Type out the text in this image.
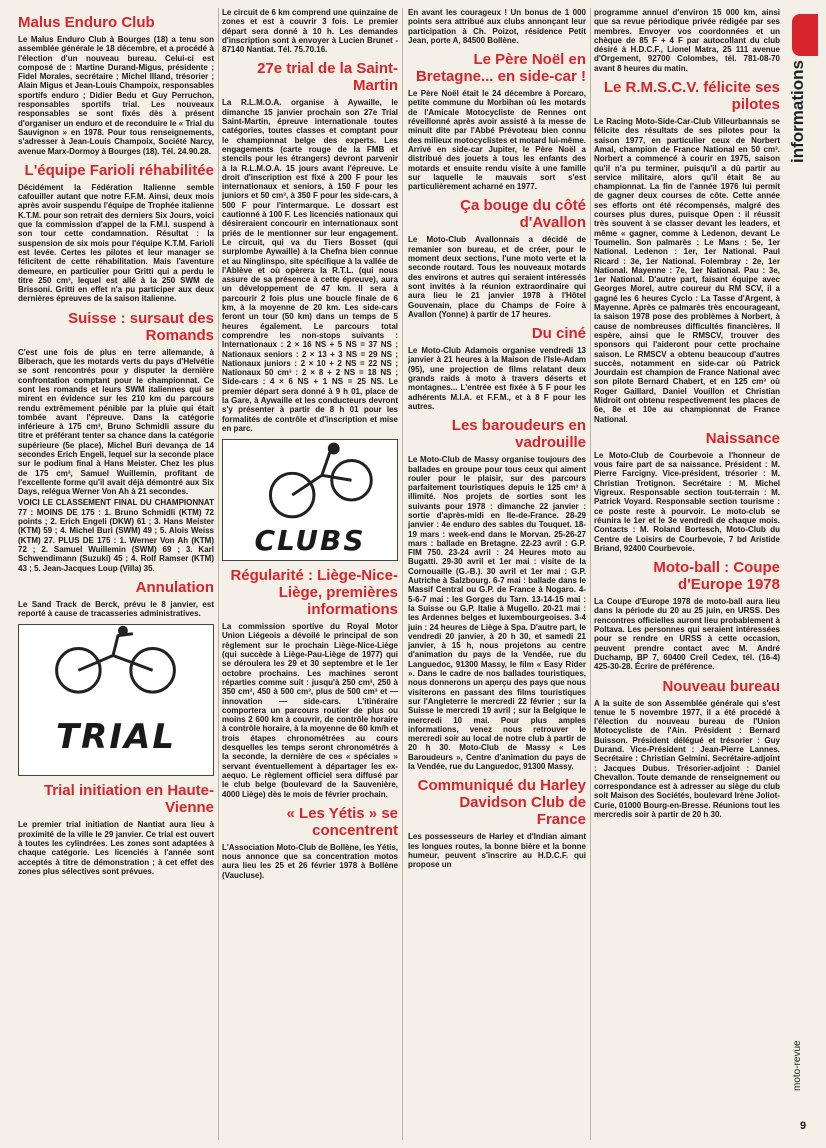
Malus Enduro Club

Le Malus Enduro Club à Bourges (18) a tenu son assemblée générale le 18 décembre, et a procédé à l'élection d'un nouveau bureau. Celui-ci est composé de : Martine Durand-Migus, présidente ; Fidel Morales, secrétaire ; Michel Illand, trésorier ; Alain Migus et Jean-Louis Champoix, responsables sportifs enduro ; Didier Bedu et Guy Perruchon, responsables sportifs trial. Les nouveaux responsables se sont fixés dès à présent d'organiser un enduro et de reconduire le « Trial du Sauvignon » en 1978. Pour tous renseignements, s'adresser à Jean-Louis Champoix, Société Narcy, avenue Marx-Dormoy à Bourges (18). Tél. 24.90.28.

L'équipe Farioli réhabilitée

Décidément la Fédération Italienne semble cafouiller autant que notre F.F.M. Ainsi, deux mois après avoir suspendu l'équipe de Trophée italienne K.T.M. pour son retrait des derniers Six Jours, voici que la commission d'appel de la F.M.I. suspend à son tour cette condamnation. Résultat : la suspension de six mois pour l'équipe K.T.M. Farioli est levée. Certes les pilotes et leur manager se félicitent de cette réhabilitation. Mais l'aventure demeure, en particulier pour Gritti qui a perdu le titre 250 cm³, lequel est allé à la 250 SWM de Brissoni. Gritti en effet n'a pu participer aux deux dernières épreuves de la saison italienne.

Suisse : sursaut des Romands

C'est une fois de plus en terre allemande, à Biberach, que les motards verts du pays d'Helvétie se sont rencontrés pour y disputer la dernière confrontation comptant pour le championnat. Ce sont les romands et leurs SWM italiennes qui se mirent en évidence sur les 210 km du parcours rendu extrêmement pénible par la pluie qui était tombée avant l'épreuve. Dans la catégorie inférieure à 175 cm³, Bruno Schmidli assure du titre et préférant tenter sa chance dans la catégorie supérieure (5e place), Michel Buri devança de 14 secondes Erich Engeli, lequel sur la seconde place sur le podium final à Hans Meister. Chez les plus de 175 cm³, Samuel Wuillemin, profitant de l'excellente forme qu'il avait déjà démontré aux Six Days, relégua Werner Von Ah à 21 secondes.

VOICI LE CLASSEMENT FINAL DU CHAMPIONNAT 77 : MOINS DE 175 : 1. Bruno Schmidli (KTM) 72 points ; 2. Erich Engeli (DKW) 61 ; 3. Hans Meister (KTM) 59 ; 4. Michel Buri (SWM) 49 ; 5. Alois Weiss (KTM) 27. PLUS DE 175 : 1. Werner Von Ah (KTM) 72 ; 2. Samuel Wuillemin (SWM) 69 ; 3. Karl Schwendimann (Suzuki) 45 ; 4. Rolf Ramser (KTM) 43 ; 5. Jean-Jacques Loup (Villa) 35.

Annulation

Le Sand Track de Berck, prévu le 8 janvier, est reporté à cause de tracasseries administratives.

TRIAL
Trial initiation en Haute-Vienne

Le premier trial initiation de Nantiat aura lieu à proximité de la ville le 29 janvier. Ce trial est ouvert à toutes les cylindrées. Les zones sont adaptées à chaque catégorie. Les licenciés à l'année sont acceptés à titre de démonstration ; à cet effet des zones plus sélectives sont prévues.

Le circuit de 6 km comprend une quinzaine de zones et est à couvrir 3 fois. Le premier départ sera donné à 10 h. Les demandes d'inscription sont à envoyer à Lucien Brunet - 87140 Nantiat. Tél. 75.70.16.

27e trial de la Saint-Martin

La R.L.M.O.A. organise à Aywaille, le dimanche 15 janvier prochain son 27e Trial Saint-Martin, épreuve internationale toutes catégories, toutes classes et comptant pour le championnat belge des experts. Les engagements (carte rouge de la FMB et stencils pour les étrangers) devront parvenir à la R.L.M.O.A. 15 jours avant l'épreuve. Le droit d'inscription est fixé à 200 F pour les internationaux et seniors, à 150 F pour les juniors et 50 cm³, à 350 F pour les side-cars, à 500 F pour l'intermarque. Le dossart est cautionné à 100 F. Les licenciés nationaux qui désireraient concourir en internationaux sont priés de le mentionner sur leur engagement. Le circuit, qui va du Tiers Bosset (qui surplombe Aywaille) à la Chefna bien connue et au Ninglinspo, site spécifique à la vallée de l'Ablève et où opèrera la R.T.L. (qui nous assure de sa présence à cette épreuve), aura un développement de 47 km. Il sera à parcourir 2 fois plus une boucle finale de 6 km, à la moyenne de 20 km. Les side-cars feront un tour (50 km) dans un temps de 5 heures également. Le parcours total comprendre les non-stops suivants : Internationaux : 2 × 16 NS + 5 NS = 37 NS ; Nationaux seniors : 2 × 13 + 3 NS = 29 NS ; Nationaux juniors : 2 × 10 + 2 NS = 22 NS ; Nationaux 50 cm³ : 2 × 8 + 2 NS = 18 NS ; Side-cars : 4 × 6 NS + 1 NS = 25 NS. Le premier départ sera donné à 9 h 01, place de la Gare, à Aywaille et les conducteurs devront s'y présenter à partir de 8 h 01 pour les formalités de contrôle et d'inscription et mise en parc.

CLUBS
Régularité : Liège-Nice-Liège, premières informations

La commission sportive du Royal Motor Union Liégeois a dévoilé le principal de son règlement sur le prochain Liège-Nice-Liège (qui succède à Liège-Pau-Liège de 1977) qui se déroulera les 29 et 30 septembre et le 1er octobre prochains. Les machines seront réparties comme suit : jusqu'à 250 cm³, 250 à 350 cm³, 450 à 500 cm³, plus de 500 cm³ et — innovation — side-cars. L'itinéraire comportera un parcours routier de plus ou moins 2 600 km à couvrir, de contrôle horaire à contrôle horaire, à la moyenne de 60 km/h et trois étapes chronométrées au cours desquelles les temps seront chronométrés à la seconde, la dernière de ces « spéciales » servant éventuellement à départager les ex-aequo. Le règlement officiel sera diffusé par le club belge (boulevard de la Sauvenière, 4000 Liège) dès le mois de février prochain.

« Les Yétis » se concentrent

L'Association Moto-Club de Bollène, les Yétis, nous annonce que sa concentration motos aura lieu les 25 et 26 février 1978 à Bollène (Vaucluse).

En avant les courageux ! Un bonus de 1 000 points sera attribué aux clubs annonçant leur participation à Ch. Poizot, résidence Petit Jean, porte A, 84500 Bollène.

Le Père Noël en Bretagne... en side-car !

Le Père Noël était le 24 décembre à Porcaro, petite commune du Morbihan où les motards de l'Amicale Motocycliste de Rennes ont réveillonné après avoir assisté à la messe de minuit dite par l'Abbé Prévoteau bien connu des milieux motocyclistes et motard lui-même. Arrivé en side-car Jupiter, le Père Noël a distribué des jouets à tous les enfants des motards et ensuite rendu visite à une famille sur laquelle le mauvais sort s'est particulièrement acharné en 1977.

Ça bouge du côté d'Avallon

Le Moto-Club Avallonnais a décidé de remanier son bureau, et de créer, pour le moment deux sections, l'une moto verte et la seconde routard. Tous les nouveaux motards des environs et autres qui seraient intéressés sont invités à la réunion extraordinaire qui aura lieu le 21 janvier 1978 à l'Hôtel Gouvenain, place du Champs de Foire à Avallon (Yonne) à partir de 17 heures.

Du ciné

Le Moto-Club Adamois organise vendredi 13 janvier à 21 heures à la Maison de l'Isle-Adam (95), une projection de films relatant deux grands raids à moto à travers déserts et montagnes... L'entrée est fixée à 5 F pour les adhérents M.I.A. et F.F.M., et à 8 F pour les autres.

Les baroudeurs en vadrouille

Le Moto-Club de Massy organise toujours des ballades en groupe pour tous ceux qui aiment rouler pour le plaisir, sur des parcours parfaitement touristiques depuis le 125 cm³ à illimité. Nos projets de sorties sont les suivants pour 1978 : dimanche 22 janvier : sortie d'après-midi en Ile-de-France. 28-29 janvier : 4e enduro des sables du Touquet. 18-19 mars : week-end dans le Morvan. 25-26-27 mars : ballade en Bretagne. 22-23 avril : G.P. FIM 750. 23-24 avril : 24 Heures moto au Bugatti. 29-30 avril et 1er mai : visite de la Cornouaille (G.-B.). 30 avril et 1er mai : G.P. Autriche à Salzbourg. 6-7 mai : ballade dans le Massif Central ou G.P. de France à Nogaro. 4-5-6-7 mai : les Gorges du Tarn. 13-14-15 mai : la Suisse ou G.P. Italie à Mugello. 20-21 mai : les Ardennes belges et luxembourgeoises. 3-4 juin : 24 heures de Liège à Spa. D'autre part, le vendredi 20 janvier, à 20 h 30, et samedi 21 janvier, à 15 h, nous projetons au centre d'animation du pays de la Vendée, rue du Languedoc, 91300 Massy, le film « Easy Rider ». Dans le cadre de nos ballades touristiques, nous donnerons un aperçu des pays que nous visiterons en passant des films touristiques sur l'Angleterre le mercredi 22 février ; sur la Suisse le mercredi 19 avril ; sur la Belgique le mercredi 10 mai. Pour plus amples informations, venez nous retrouver le mercredi soir au local de notre club à partir de 20 h 30. Moto-Club de Massy « Les Baroudeurs », Centre d'animation du pays de la Vendée, rue du Languedoc, 91300 Massy.

Communiqué du Harley Davidson Club de France

Les possesseurs de Harley et d'Indian aimant les longues routes, la bonne bière et la bonne humeur, peuvent s'inscrire au H.D.C.F. qui propose un

programme annuel d'environ 15 000 km, ainsi que sa revue périodique privée rédigée par ses membres. Envoyer vos coordonnées et un chèque de 85 F + 4 F par autocollant du club désiré à H.D.C.F., Lionel Matra, 25 111 avenue d'Orgement, 92700 Colombes, tél. 781-08-70 avant 8 heures du matin.

Le R.M.S.C.V. félicite ses pilotes

Le Racing Moto-Side-Car-Club Villeurbannais se félicite des résultats de ses pilotes pour la saison 1977, en particulier ceux de Norbert Amal, champion de France National en 50 cm³. Norbert a commencé à courir en 1975, saison qu'il n'a pu terminer, puisqu'il a dû partir au service militaire, alors qu'il était 8e au championnat. La fin de l'année 1976 lui permit de gagner deux courses de côte. Cette année ses efforts ont été récompensés, malgré des courses plus dures, puisque Open : il réussit très souvent à se classer devant les leaders, et même « gagner, comme à Ledenon, devant Le Toumelin. Son palmarès : Le Mans : 5e, 1er National. Ledenon : 1er, 1er National. Paul Ricard : 3e, 1er National. Folembray : 2e, 1er National. Mayenne : 7e, 1er National. Pau : 3e, 1er National. D'autre part, faisant équipe avec Georges Morel, autre coureur du RM SCV, il a gagné les 6 heures Cyclo : La Tasse d'Argent, à Mayenne. Après ce palmarès très encourageant, la saison 1978 pose des problèmes à Norbert, à cause de nombreuses difficultés financières. Il espère, ainsi que le RMSCV, trouver des sponsors qui l'aideront pour cette prochaine saison. Le RMSCV a obtenu beaucoup d'autres succès, notamment en side-car où Patrick Jourdain est champion de France National avec son pilote Bernard Chabert, et en 125 cm³ où Roger Gaillard, Daniel Vouillon et Christian Midroit ont obtenu respectivement les places de 6e, 8e et 10e au championnat de France National.

Naissance

Le Moto-Club de Courbevoie a l'honneur de vous faire part de sa naissance. Président : M. Pierre Farcigny. Vice-président, trésorier : M. Christian Trotignon. Secrétaire : M. Michel Vigreux. Responsable section tout-terrain : M. Patrick Voyard. Responsable section tourisme : ce poste reste à pourvoir. Le moto-club se réunira le 1er et le 3e vendredi de chaque mois. Contacts : M. Roland Bortesch, Moto-Club du Centre de Loisirs de Courbevoie, 7 bd Aristide Briand, 92400 Courbevoie.

Moto-ball : Coupe d'Europe 1978

La Coupe d'Europe 1978 de moto-ball aura lieu dans la période du 20 au 25 juin, en URSS. Des rencontres officielles auront lieu probablement à Poltava. Les personnes qui seraient intéressées pour se rendre en URSS à cette occasion, peuvent prendre contact avec M. André Duchamp, BP 7, 60400 Creil Cedex, tél. (16-4) 425-30-28. Écrire de préférence.

Nouveau bureau

A la suite de son Assemblée générale qui s'est tenue le 5 novembre 1977, il a été procédé à l'élection du nouveau bureau de l'Union Motocycliste de l'Ain. Président : Bernard Buisson. Président délégué et trésorier : Guy Durand. Vice-Président : Jean-Pierre Lannes. Secrétaire : Christian Gelmini. Secrétaire-adjoint : Jacques Dubus. Trésorier-adjoint : Daniel Chevallon. Toute demande de renseignement ou correspondance est à adresser au siège du club soit Maison des Sociétés, boulevard Irène Joliot-Curie, 01000 Bourg-en-Bresse. Réunions tout les mercredis soir à partir de 20 h 30.

informations
moto-revue
9
